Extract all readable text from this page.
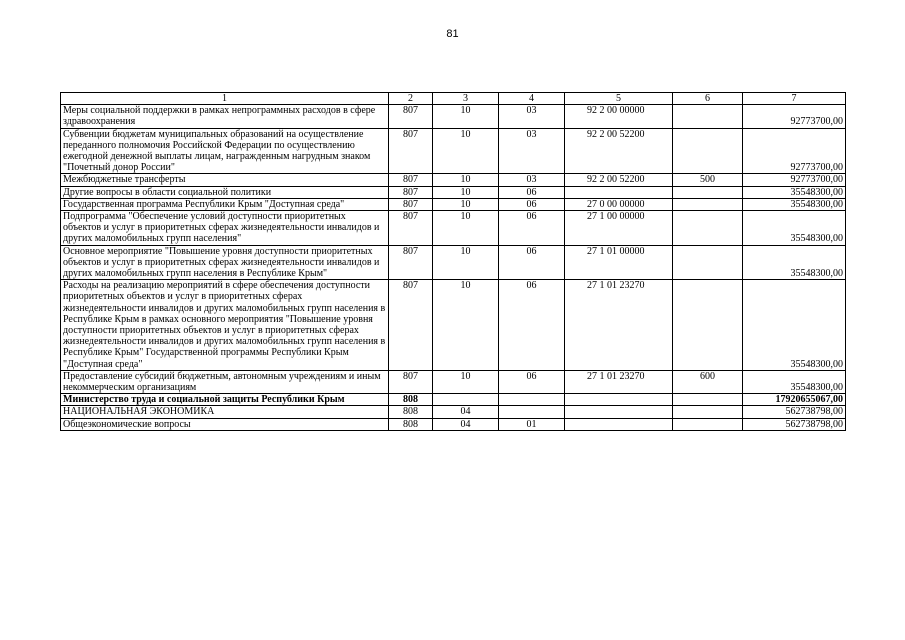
81
1	2	3	4	5	6	7
Меры социальной поддержки в рамках непрограммных расходов в сфере здравоохранения	807	10	03	92 2 00 00000		92773700,00
Субвенции бюджетам муниципальных образований на осуществление переданного полномочия Российской Федерации по осуществлению ежегодной денежной выплаты лицам, награжденным нагрудным знаком "Почетный донор России"	807	10	03	92 2 00 52200		92773700,00
Межбюджетные трансферты	807	10	03	92 2 00 52200	500	92773700,00
Другие вопросы в области социальной политики	807	10	06			35548300,00
Государственная программа Республики Крым "Доступная среда"	807	10	06	27 0 00 00000		35548300,00
Подпрограмма "Обеспечение условий доступности приоритетных объектов и услуг в приоритетных сферах жизнедеятельности инвалидов и других маломобильных групп населения"	807	10	06	27 1 00 00000		35548300,00
Основное мероприятие "Повышение уровня доступности приоритетных объектов и услуг в приоритетных сферах жизнедеятельности инвалидов и других маломобильных групп населения в Республике Крым"	807	10	06	27 1 01 00000		35548300,00
Расходы на реализацию мероприятий в сфере обеспечения доступности приоритетных объектов и услуг в приоритетных сферах жизнедеятельности инвалидов и других маломобильных групп населения в Республике Крым в рамках основного мероприятия "Повышение уровня доступности приоритетных объектов и услуг в приоритетных сферах жизнедеятельности инвалидов и других маломобильных групп населения в Республике Крым" Государственной программы Республики Крым "Доступная среда"	807	10	06	27 1 01 23270		35548300,00
Предоставление субсидий бюджетным, автономным учреждениям и иным некоммерческим организациям	807	10	06	27 1 01 23270	600	35548300,00
Министерство труда и социальной защиты Республики Крым	808					17920655067,00
НАЦИОНАЛЬНАЯ ЭКОНОМИКА	808	04				562738798,00
Общеэкономические вопросы	808	04	01			562738798,00
